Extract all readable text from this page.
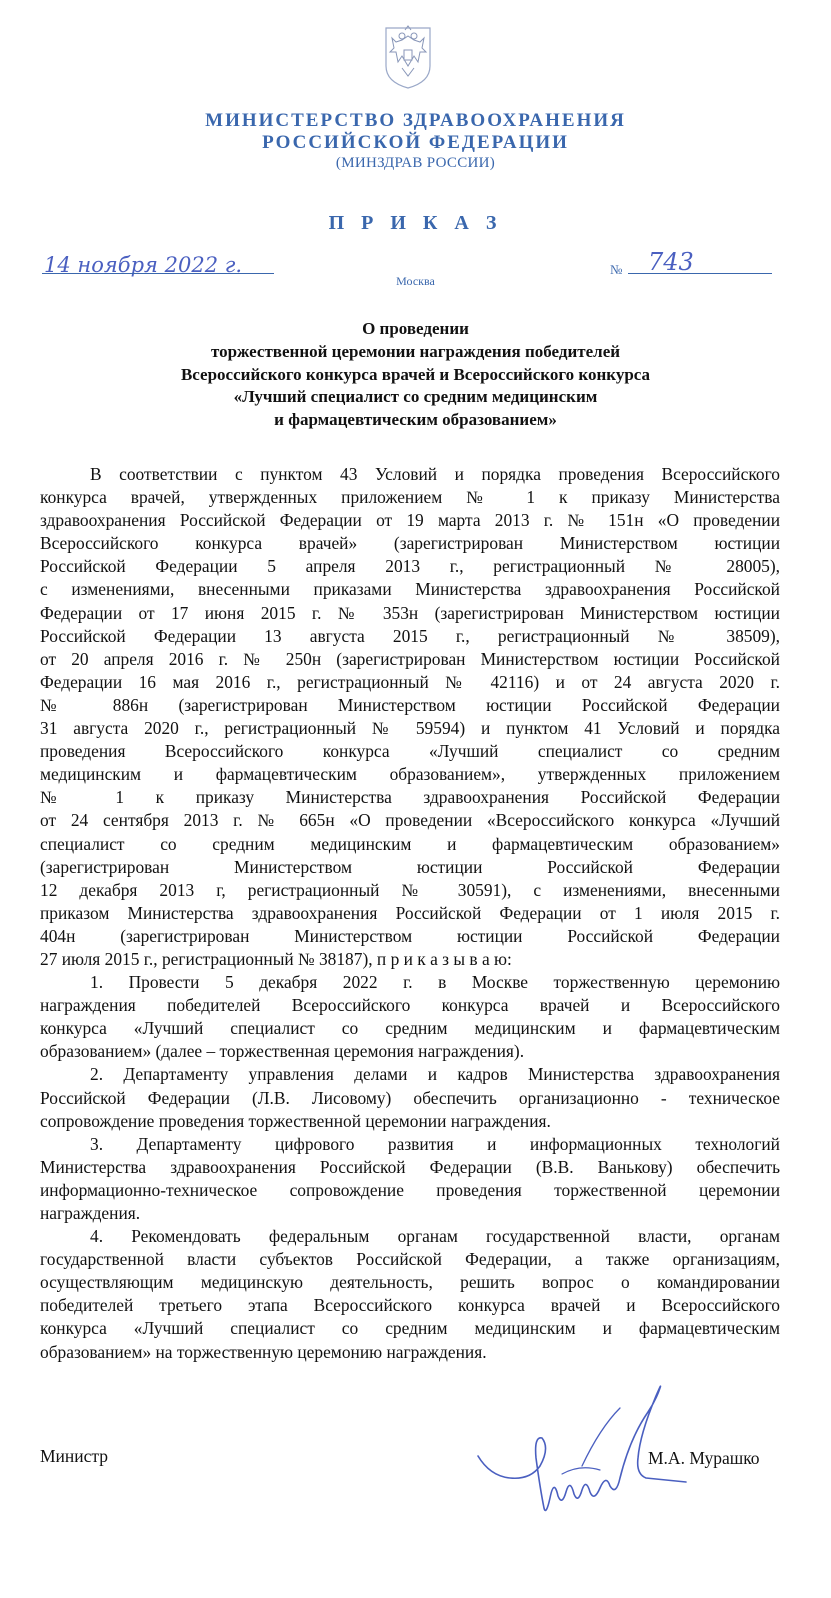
МИНИСТЕРСТВО ЗДРАВООХРАНЕНИЯ
РОССИЙСКОЙ ФЕДЕРАЦИИ
(МИНЗДРАВ РОССИИ)
П Р И К А З
14 ноября 2022 г.
Москва
№ 743
О проведении
торжественной церемонии награждения победителей
Всероссийского конкурса врачей и Всероссийского конкурса
«Лучший специалист со средним медицинским
и фармацевтическим образованием»
В соответствии с пунктом 43 Условий и порядка проведения Всероссийского
конкурса врачей, утвержденных приложением № 1 к приказу Министерства
здравоохранения Российской Федерации от 19 марта 2013 г. № 151н «О проведении
Всероссийского конкурса врачей» (зарегистрирован Министерством юстиции
Российской Федерации 5 апреля 2013 г., регистрационный № 28005),
с изменениями, внесенными приказами Министерства здравоохранения Российской
Федерации от 17 июня 2015 г. № 353н (зарегистрирован Министерством юстиции
Российской Федерации 13 августа 2015 г., регистрационный № 38509),
от 20 апреля 2016 г. № 250н (зарегистрирован Министерством юстиции Российской
Федерации 16 мая 2016 г., регистрационный № 42116) и от 24 августа 2020 г.
№ 886н (зарегистрирован Министерством юстиции Российской Федерации
31 августа 2020 г., регистрационный № 59594) и пунктом 41 Условий и порядка
проведения Всероссийского конкурса «Лучший специалист со средним
медицинским и фармацевтическим образованием», утвержденных приложением
№ 1 к приказу Министерства здравоохранения Российской Федерации
от 24 сентября 2013 г. № 665н «О проведении «Всероссийского конкурса «Лучший
специалист со средним медицинским и фармацевтическим образованием»
(зарегистрирован Министерством юстиции Российской Федерации
12 декабря 2013 г, регистрационный № 30591), с изменениями, внесенными
приказом Министерства здравоохранения Российской Федерации от 1 июля 2015 г.
404н (зарегистрирован Министерством юстиции Российской Федерации
27 июля 2015 г., регистрационный № 38187), п р и к а з ы в а ю:
1. Провести 5 декабря 2022 г. в Москве торжественную церемонию
награждения победителей Всероссийского конкурса врачей и Всероссийского
конкурса «Лучший специалист со средним медицинским и фармацевтическим
образованием» (далее – торжественная церемония награждения).
2. Департаменту управления делами и кадров Министерства здравоохранения
Российской Федерации (Л.В. Лисовому) обеспечить организационно - техническое
сопровождение проведения торжественной церемонии награждения.
3. Департаменту цифрового развития и информационных технологий
Министерства здравоохранения Российской Федерации (В.В. Ванькову) обеспечить
информационно-техническое сопровождение проведения торжественной церемонии
награждения.
4. Рекомендовать федеральным органам государственной власти, органам
государственной власти субъектов Российской Федерации, а также организациям,
осуществляющим медицинскую деятельность, решить вопрос о командировании
победителей третьего этапа Всероссийского конкурса врачей и Всероссийского
конкурса «Лучший специалист со средним медицинским и фармацевтическим
образованием» на торжественную церемонию награждения.
Министр	М.А. Мурашко
